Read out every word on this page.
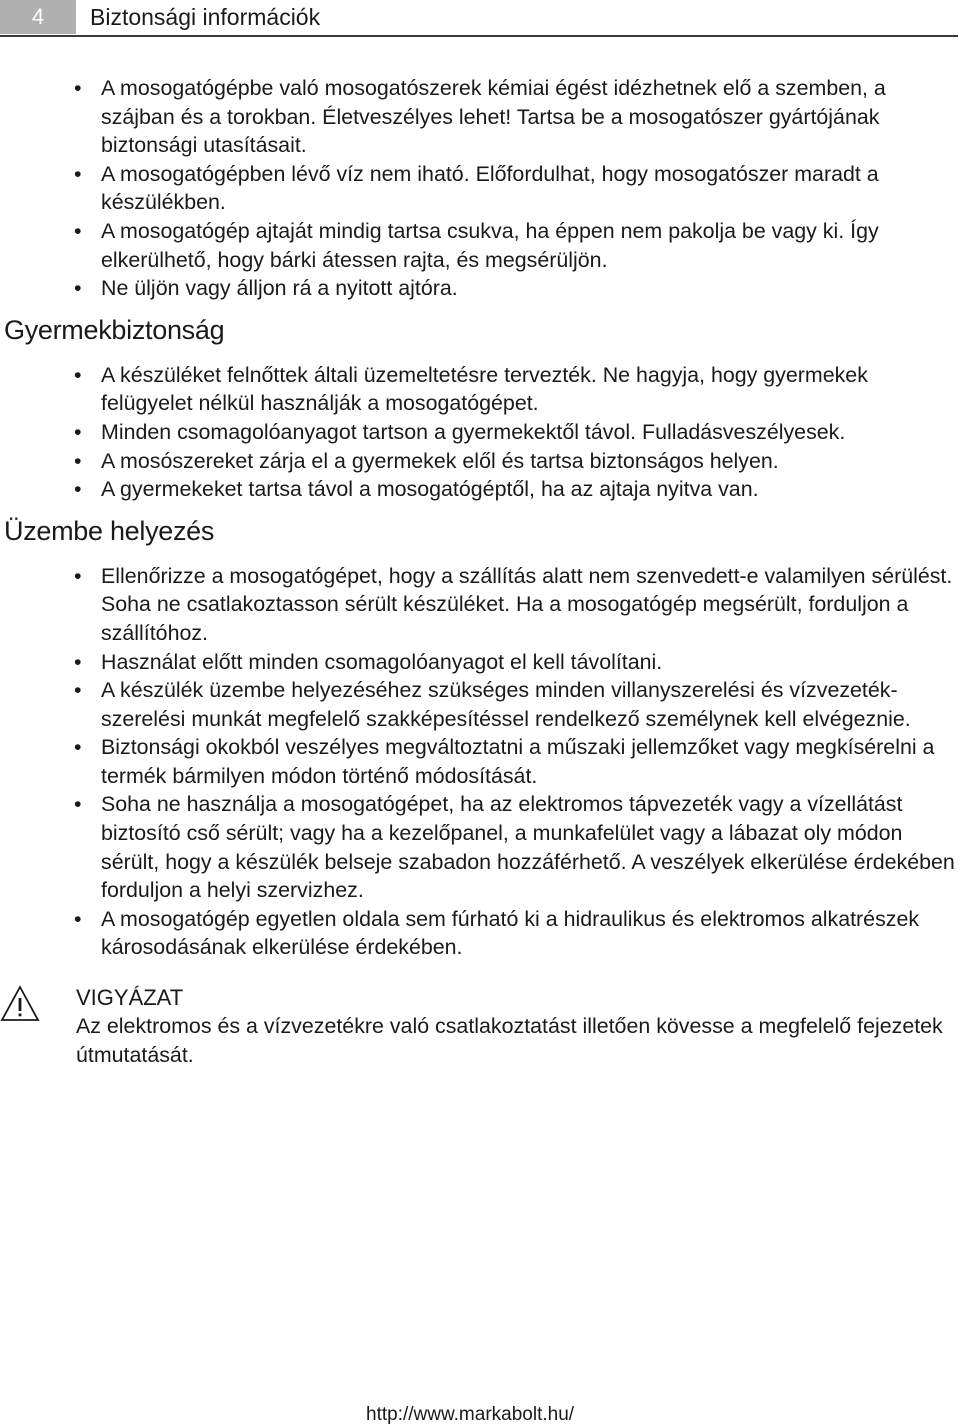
4	Biztonsági információk
• A mosogatógépbe való mosogatószerek kémiai égést idézhetnek elő a szemben, a szájban és a torokban. Életveszélyes lehet! Tartsa be a mosogatószer gyártójának biztonsági utasításait.
• A mosogatógépben lévő víz nem iható. Előfordulhat, hogy mosogatószer maradt a készülékben.
• A mosogatógép ajtaját mindig tartsa csukva, ha éppen nem pakolja be vagy ki. Így elkerülhető, hogy bárki átessen rajta, és megsérüljön.
• Ne üljön vagy álljon rá a nyitott ajtóra.
Gyermekbiztonság
• A készüléket felnőttek általi üzemeltetésre tervezték. Ne hagyja, hogy gyermekek felügyelet nélkül használják a mosogatógépet.
• Minden csomagolóanyagot tartson a gyermekektől távol. Fulladásveszélyesek.
• A mosószereket zárja el a gyermekek elől és tartsa biztonságos helyen.
• A gyermekeket tartsa távol a mosogatógéptől, ha az ajtaja nyitva van.
Üzembe helyezés
• Ellenőrizze a mosogatógépet, hogy a szállítás alatt nem szenvedett-e valamilyen sérülést. Soha ne csatlakoztasson sérült készüléket. Ha a mosogatógép megsérült, forduljon a szállítóhoz.
• Használat előtt minden csomagolóanyagot el kell távolítani.
• A készülék üzembe helyezéséhez szükséges minden villanyszerelési és vízvezeték-szerelési munkát megfelelő szakképesítéssel rendelkező személynek kell elvégeznie.
• Biztonsági okokból veszélyes megváltoztatni a műszaki jellemzőket vagy megkísérelni a termék bármilyen módon történő módosítását.
• Soha ne használja a mosogatógépet, ha az elektromos tápvezeték vagy a vízellátást biztosító cső sérült; vagy ha a kezelőpanel, a munkafelület vagy a lábazat oly módon sérült, hogy a készülék belseje szabadon hozzáférhető. A veszélyek elkerülése érdekében forduljon a helyi szervizhez.
• A mosogatógép egyetlen oldala sem fúrható ki a hidraulikus és elektromos alkatrészek károsodásának elkerülése érdekében.
VIGYÁZAT
Az elektromos és a vízvezetékre való csatlakoztatást illetően kövesse a megfelelő fejezetek útmutatását.
http://www.markabolt.hu/
